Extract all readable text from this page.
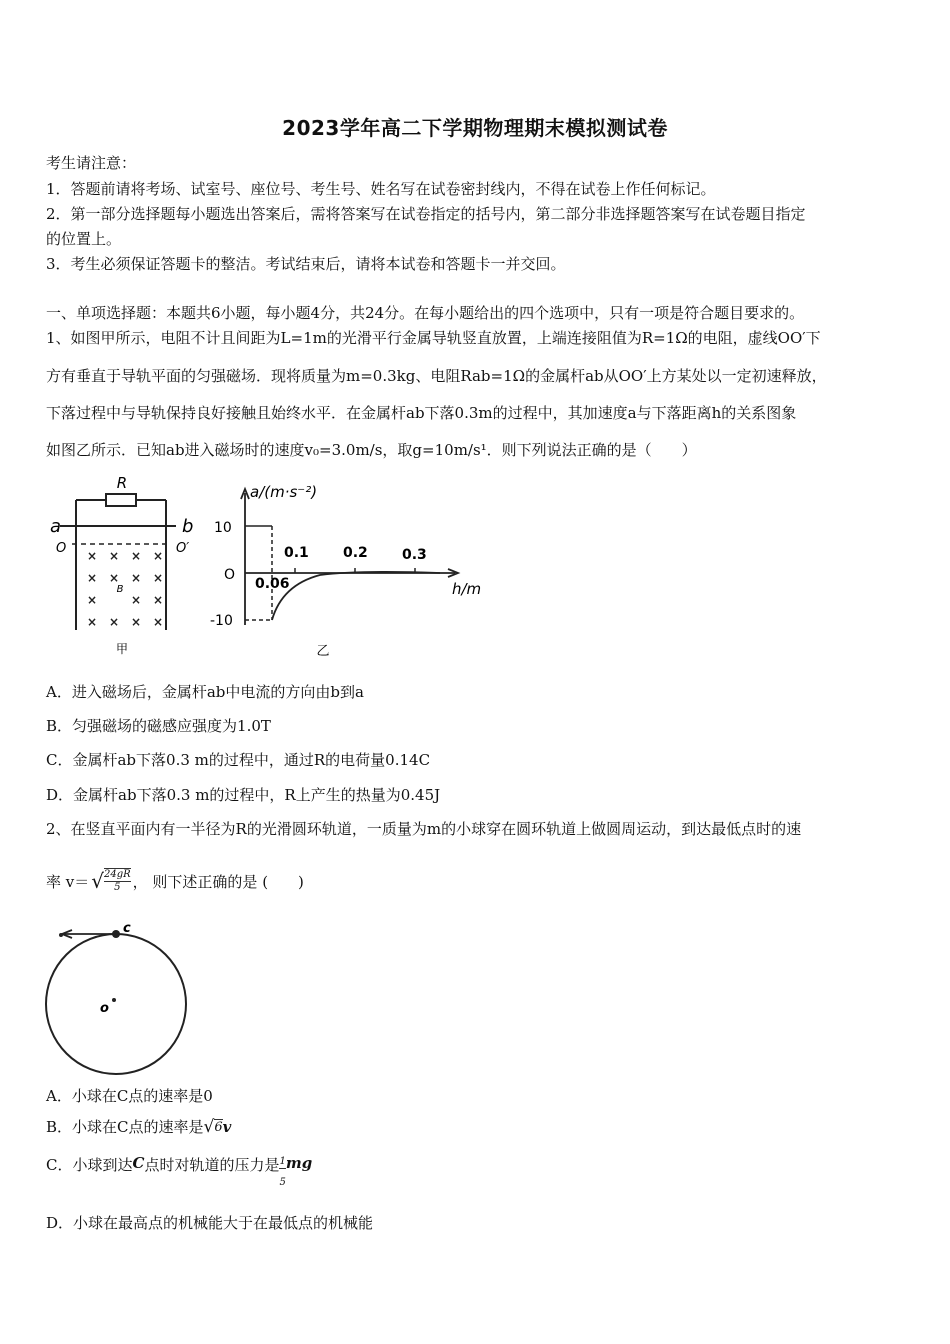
2023学年高二下学期物理期末模拟测试卷
考生请注意：
1．答题前请将考场、试室号、座位号、考生号、姓名写在试卷密封线内，不得在试卷上作任何标记。
2．第一部分选择题每小题选出答案后，需将答案写在试卷指定的括号内，第二部分非选择题答案写在试卷题目指定
的位置上。
3．考生必须保证答题卡的整洁。考试结束后，请将本试卷和答题卡一并交回。
一、单项选择题：本题共6小题，每小题4分，共24分。在每小题给出的四个选项中，只有一项是符合题目要求的。
1、如图甲所示，电阻不计且间距为L=1m的光滑平行金属导轨竖直放置，上端连接阻值为R=1Ω的电阻，虚线OO′下
方有垂直于导轨平面的匀强磁场．现将质量为m=0.3kg、电阻Rab=1Ω的金属杆ab从OO′上方某处以一定初速释放，
下落过程中与导轨保持良好接触且始终水平．在金属杆ab下落0.3m的过程中，其加速度a与下落距离h的关系图象
如图乙所示．已知ab进入磁场时的速度v₀=3.0m/s，取g=10m/s¹．则下列说法正确的是（　　）
× × × ×
× × × ×
×	× ×
× × × ×
R
a	b
O	O′
B
甲
a/(m·s⁻²)
10
O
-10
0.06
0.1 0.2 0.3
h/m
乙
A．进入磁场后，金属杆ab中电流的方向由b到a
B．匀强磁场的磁感应强度为1.0T
C．金属杆ab下落0.3 m的过程中，通过R的电荷量0.14C
D．金属杆ab下落0.3 m的过程中，R上产生的热量为0.45J
2、在竖直平面内有一半径为R的光滑圆环轨道，一质量为m的小球穿在圆环轨道上做圆周运动，到达最低点时的速
率 v＝ √ $\frac{24gR}{5}$ ， 则下述正确的是 (　　)
c
o
A．小球在C点的速率是0
B．小球在C点的速率是 √ 6 v
C．小球到达 C 点时对轨道的压力是 $\frac{1}{5}$ mg
D．小球在最高点的机械能大于在最低点的机械能
